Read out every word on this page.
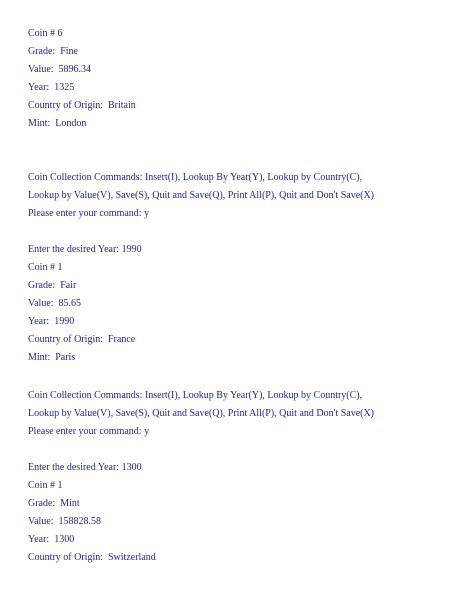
Coin # 6
Grade:  Fine
Value:  5896.34
Year:  1325
Country of Origin:  Britain
Mint:  London
Coin Collection Commands: Insert(I), Lookup By Year(Y), Lookup by Country(C),
Lookup by Value(V), Save(S), Quit and Save(Q), Print All(P), Quit and Don't Save(X)
Please enter your command: y
Enter the desired Year: 1990
Coin # 1
Grade:  Fair
Value:  85.65
Year:  1990
Country of Origin:  France
Mint:  Paris
Coin Collection Commands: Insert(I), Lookup By Year(Y), Lookup by Country(C),
Lookup by Value(V), Save(S), Quit and Save(Q), Print All(P), Quit and Don't Save(X)
Please enter your command: y
Enter the desired Year: 1300
Coin # 1
Grade:  Mint
Value:  158828.58
Year:  1300
Country of Origin:  Switzerland
